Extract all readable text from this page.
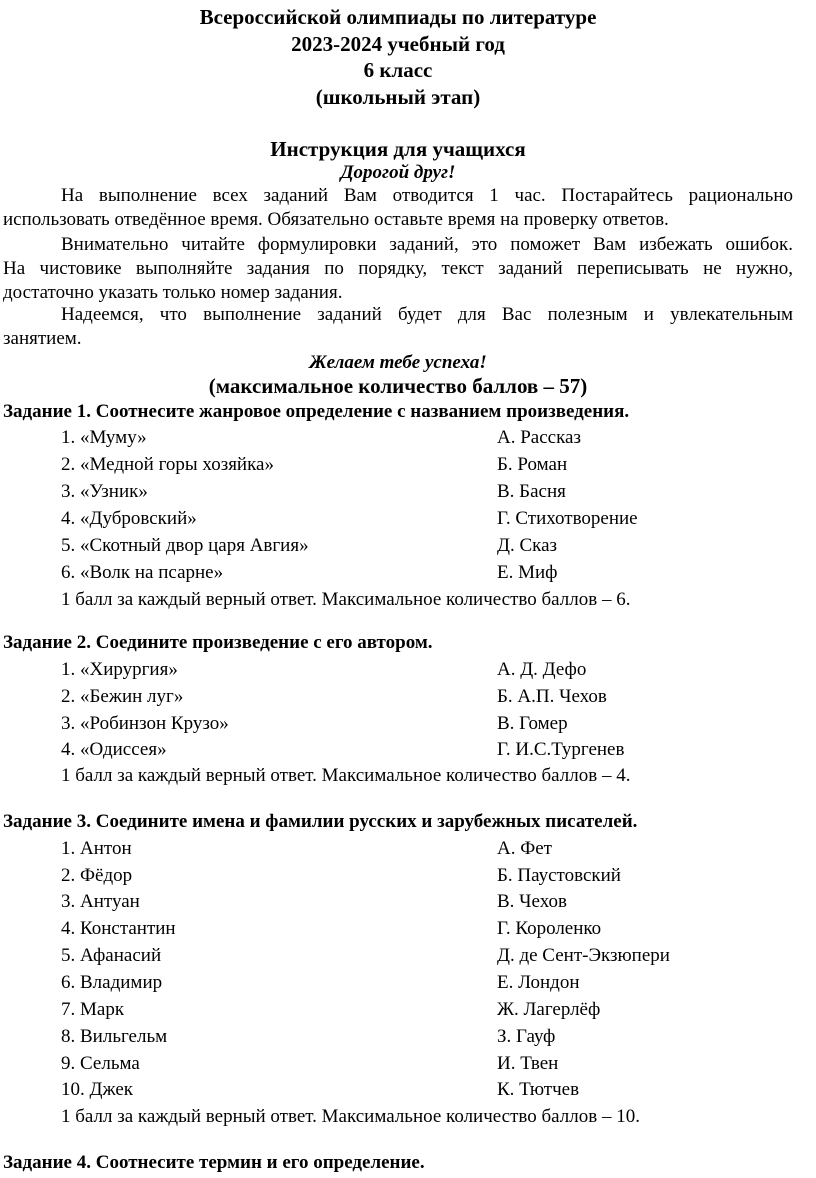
Всероссийской олимпиады по литературе
2023-2024 учебный год
6 класс
(школьный этап)
Инструкция для учащихся
Дорогой друг!
На выполнение всех заданий Вам отводится 1 час. Постарайтесь рационально
использовать отведённое время. Обязательно оставьте время на проверку ответов.
Внимательно читайте формулировки заданий, это поможет Вам избежать ошибок.
На чистовике выполняйте задания по порядку, текст заданий переписывать не нужно,
достаточно указать только номер задания.
Надеемся, что выполнение заданий будет для Вас полезным и увлекательным
занятием.
Желаем тебе успеха!
(максимальное количество баллов – 57)
Задание 1. Соотнесите жанровое определение с названием произведения.
1. «Муму»	А. Рассказ
2. «Медной горы хозяйка»	Б. Роман
3. «Узник»	В. Басня
4. «Дубровский»	Г. Стихотворение
5. «Скотный двор царя Авгия»	Д. Сказ
6. «Волк на псарне»	Е. Миф
1 балл за каждый верный ответ. Максимальное количество баллов – 6.
Задание 2. Соедините произведение с его автором.
1. «Хирургия»	А. Д. Дефо
2. «Бежин луг»	Б. А.П. Чехов
3. «Робинзон Крузо»	В. Гомер
4. «Одиссея»	Г. И.С.Тургенев
1 балл за каждый верный ответ. Максимальное количество баллов – 4.
Задание 3. Соедините имена и фамилии русских и зарубежных писателей.
1. Антон	А. Фет
2. Фёдор	Б. Паустовский
3. Антуан	В. Чехов
4. Константин	Г. Короленко
5. Афанасий	Д. де Сент-Экзюпери
6. Владимир	Е. Лондон
7. Марк	Ж. Лагерлёф
8. Вильгельм	З. Гауф
9. Сельма	И. Твен
10. Джек	К. Тютчев
1 балл за каждый верный ответ. Максимальное количество баллов – 10.
Задание 4. Соотнесите термин и его определение.
